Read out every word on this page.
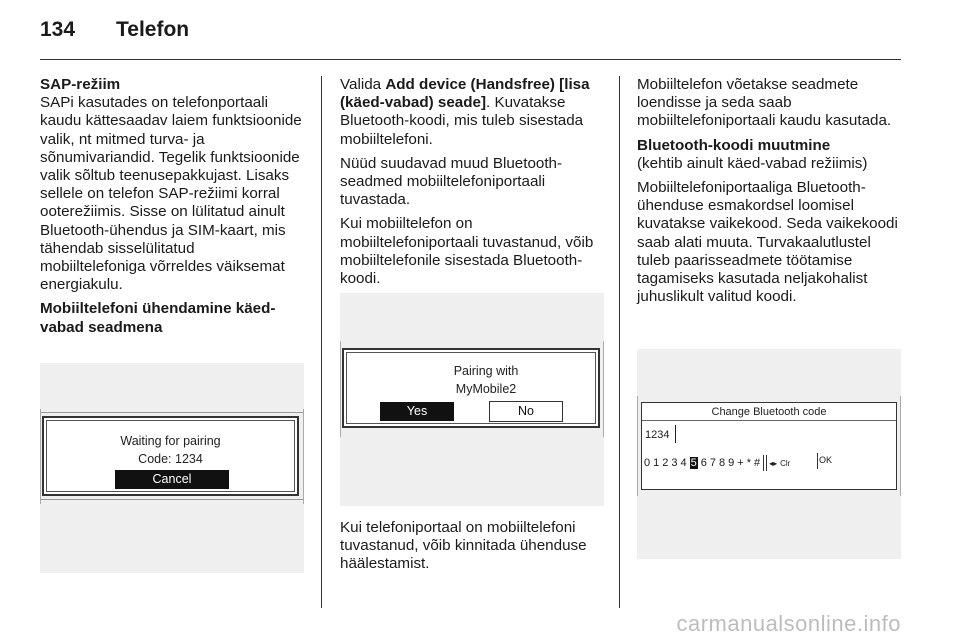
134	Telefon

SAP-režiim

SAPi kasutades on telefonportaali kaudu kättesaadav laiem funktsioonide valik, nt mitmed turva- ja sõnumivariandid. Tegelik funktsioonide valik sõltub teenusepakkujast. Lisaks sellele on telefon SAP-režiimi korral ooterežiimis. Sisse on lülitatud ainult Bluetooth-ühendus ja SIM-kaart, mis tähendab sisselülitatud mobiiltelefoniga võrreldes väiksemat energiakulu.

Mobiiltelefoni ühendamine käed-vabad seadmena

Waiting for pairing
Code: 1234
Cancel

Valida Add device (Handsfree) [lisa (käed-vabad) seade]. Kuvatakse Bluetooth-koodi, mis tuleb sisestada mobiiltelefoni.

Nüüd suudavad muud Bluetooth-seadmed mobiiltelefoniportaali tuvastada.

Kui mobiiltelefon on mobiiltelefoniportaali tuvastanud, võib mobiiltelefonile sisestada Bluetooth-koodi.

Pairing with
MyMobile2
Yes	No

Kui telefoniportaal on mobiiltelefoni tuvastanud, võib kinnitada ühenduse häälestamist.

Mobiiltelefon võetakse seadmete loendisse ja seda saab mobiiltelefoniportaali kaudu kasutada.

Bluetooth-koodi muutmine

(kehtib ainult käed-vabad režiimis)

Mobiiltelefoniportaaliga Bluetooth-ühenduse esmakordsel loomisel kuvatakse vaikekood. Seda vaikekoodi saab alati muuta. Turvakaalutlustel tuleb paarisseadmete töötamise tagamiseks kasutada neljakohalist juhuslikult valitud koodi.

Change Bluetooth code
1234
0 1 2 3 4 5 6 7 8 9 + * # ◂▸ Clr	OK
carmanualsonline.info
